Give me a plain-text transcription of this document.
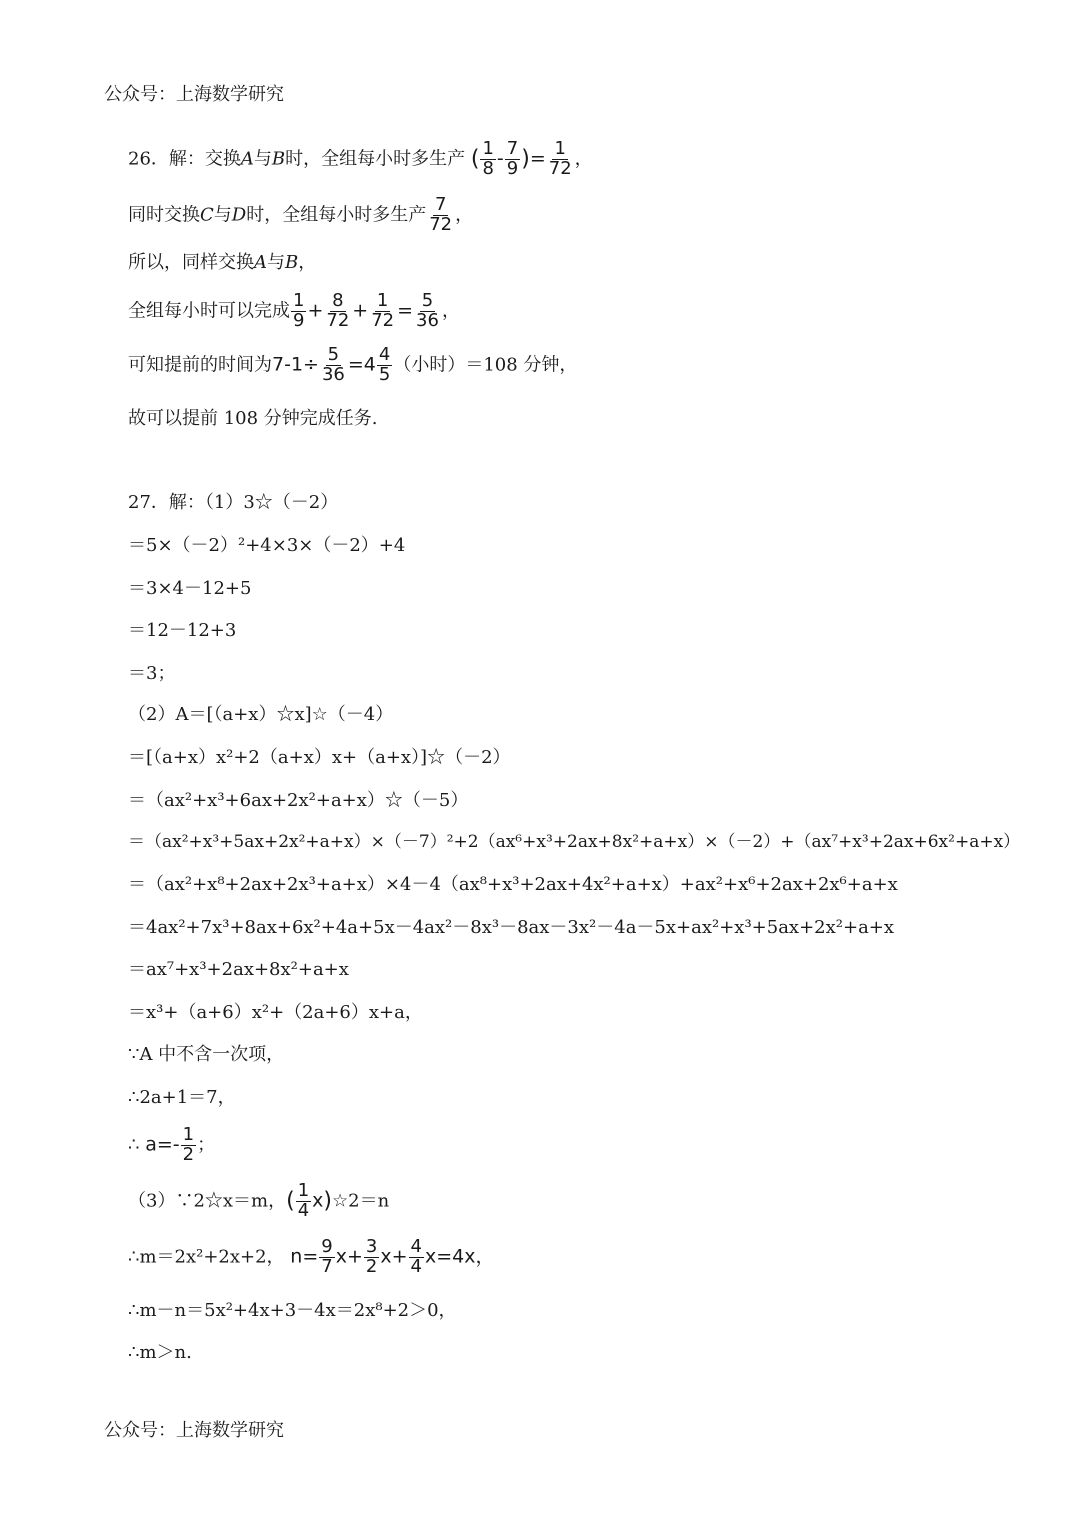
公众号：上海数学研究
26．解：交换A与B时，全组每小时多生产 ( $\frac{1}{8} - \frac{7}{9}$ )= $\frac{1}{72}$ ，
同时交换C与D时，全组每小时多生产 $\frac{7}{72}$ ，
所以，同样交换A与B，
全组每小时可以完成 $\frac{1}{9} + \frac{8}{72} + \frac{1}{72} = \frac{5}{36}$ ，
可知提前的时间为$7-1\div \frac{5}{36} =4 \frac{4}{5}$ （小时）＝108 分钟，
故可以提前 108 分钟完成任务.
27．解：（1）3☆（－2）
＝5×（－2）²+4×3×（－2）+4
＝3×4－12+5
＝12－12+3
＝3；
（2）A＝[（a+x）☆x]☆（－4）
＝[（a+x）x²+2（a+x）x+（a+x）]☆（－2）
＝（ax²+x³+6ax+2x²+a+x）☆（－5）
＝（ax²+x³+5ax+2x²+a+x）×（－7）²+2（ax⁶+x³+2ax+8x²+a+x）×（－2）+（ax⁷+x³+2ax+6x²+a+x）
＝（ax²+x⁸+2ax+2x³+a+x）×4－4（ax⁸+x³+2ax+4x²+a+x）+ax²+x⁶+2ax+2x⁶+a+x
＝4ax²+7x³+8ax+6x²+4a+5x－4ax²－8x³－8ax－3x²－4a－5x+ax²+x³+5ax+2x²+a+x
＝ax⁷+x³+2ax+8x²+a+x
＝x³+（a+6）x²+（2a+6）x+a，
∵A 中不含一次项，
∴2a+1＝7，
∴ $a=- \frac{1}{2}$ ；
（3）∵2☆x＝m，( $\frac{1}{4}$ x)☆2＝n
∴m＝2x²+2x+2， $n= \frac{9}{7} x+ \frac{3}{2} x+ \frac{4}{4} x=4x$，
∴m－n＝5x²+4x+3－4x＝2x⁸+2＞0，
∴m＞n.
公众号：上海数学研究
